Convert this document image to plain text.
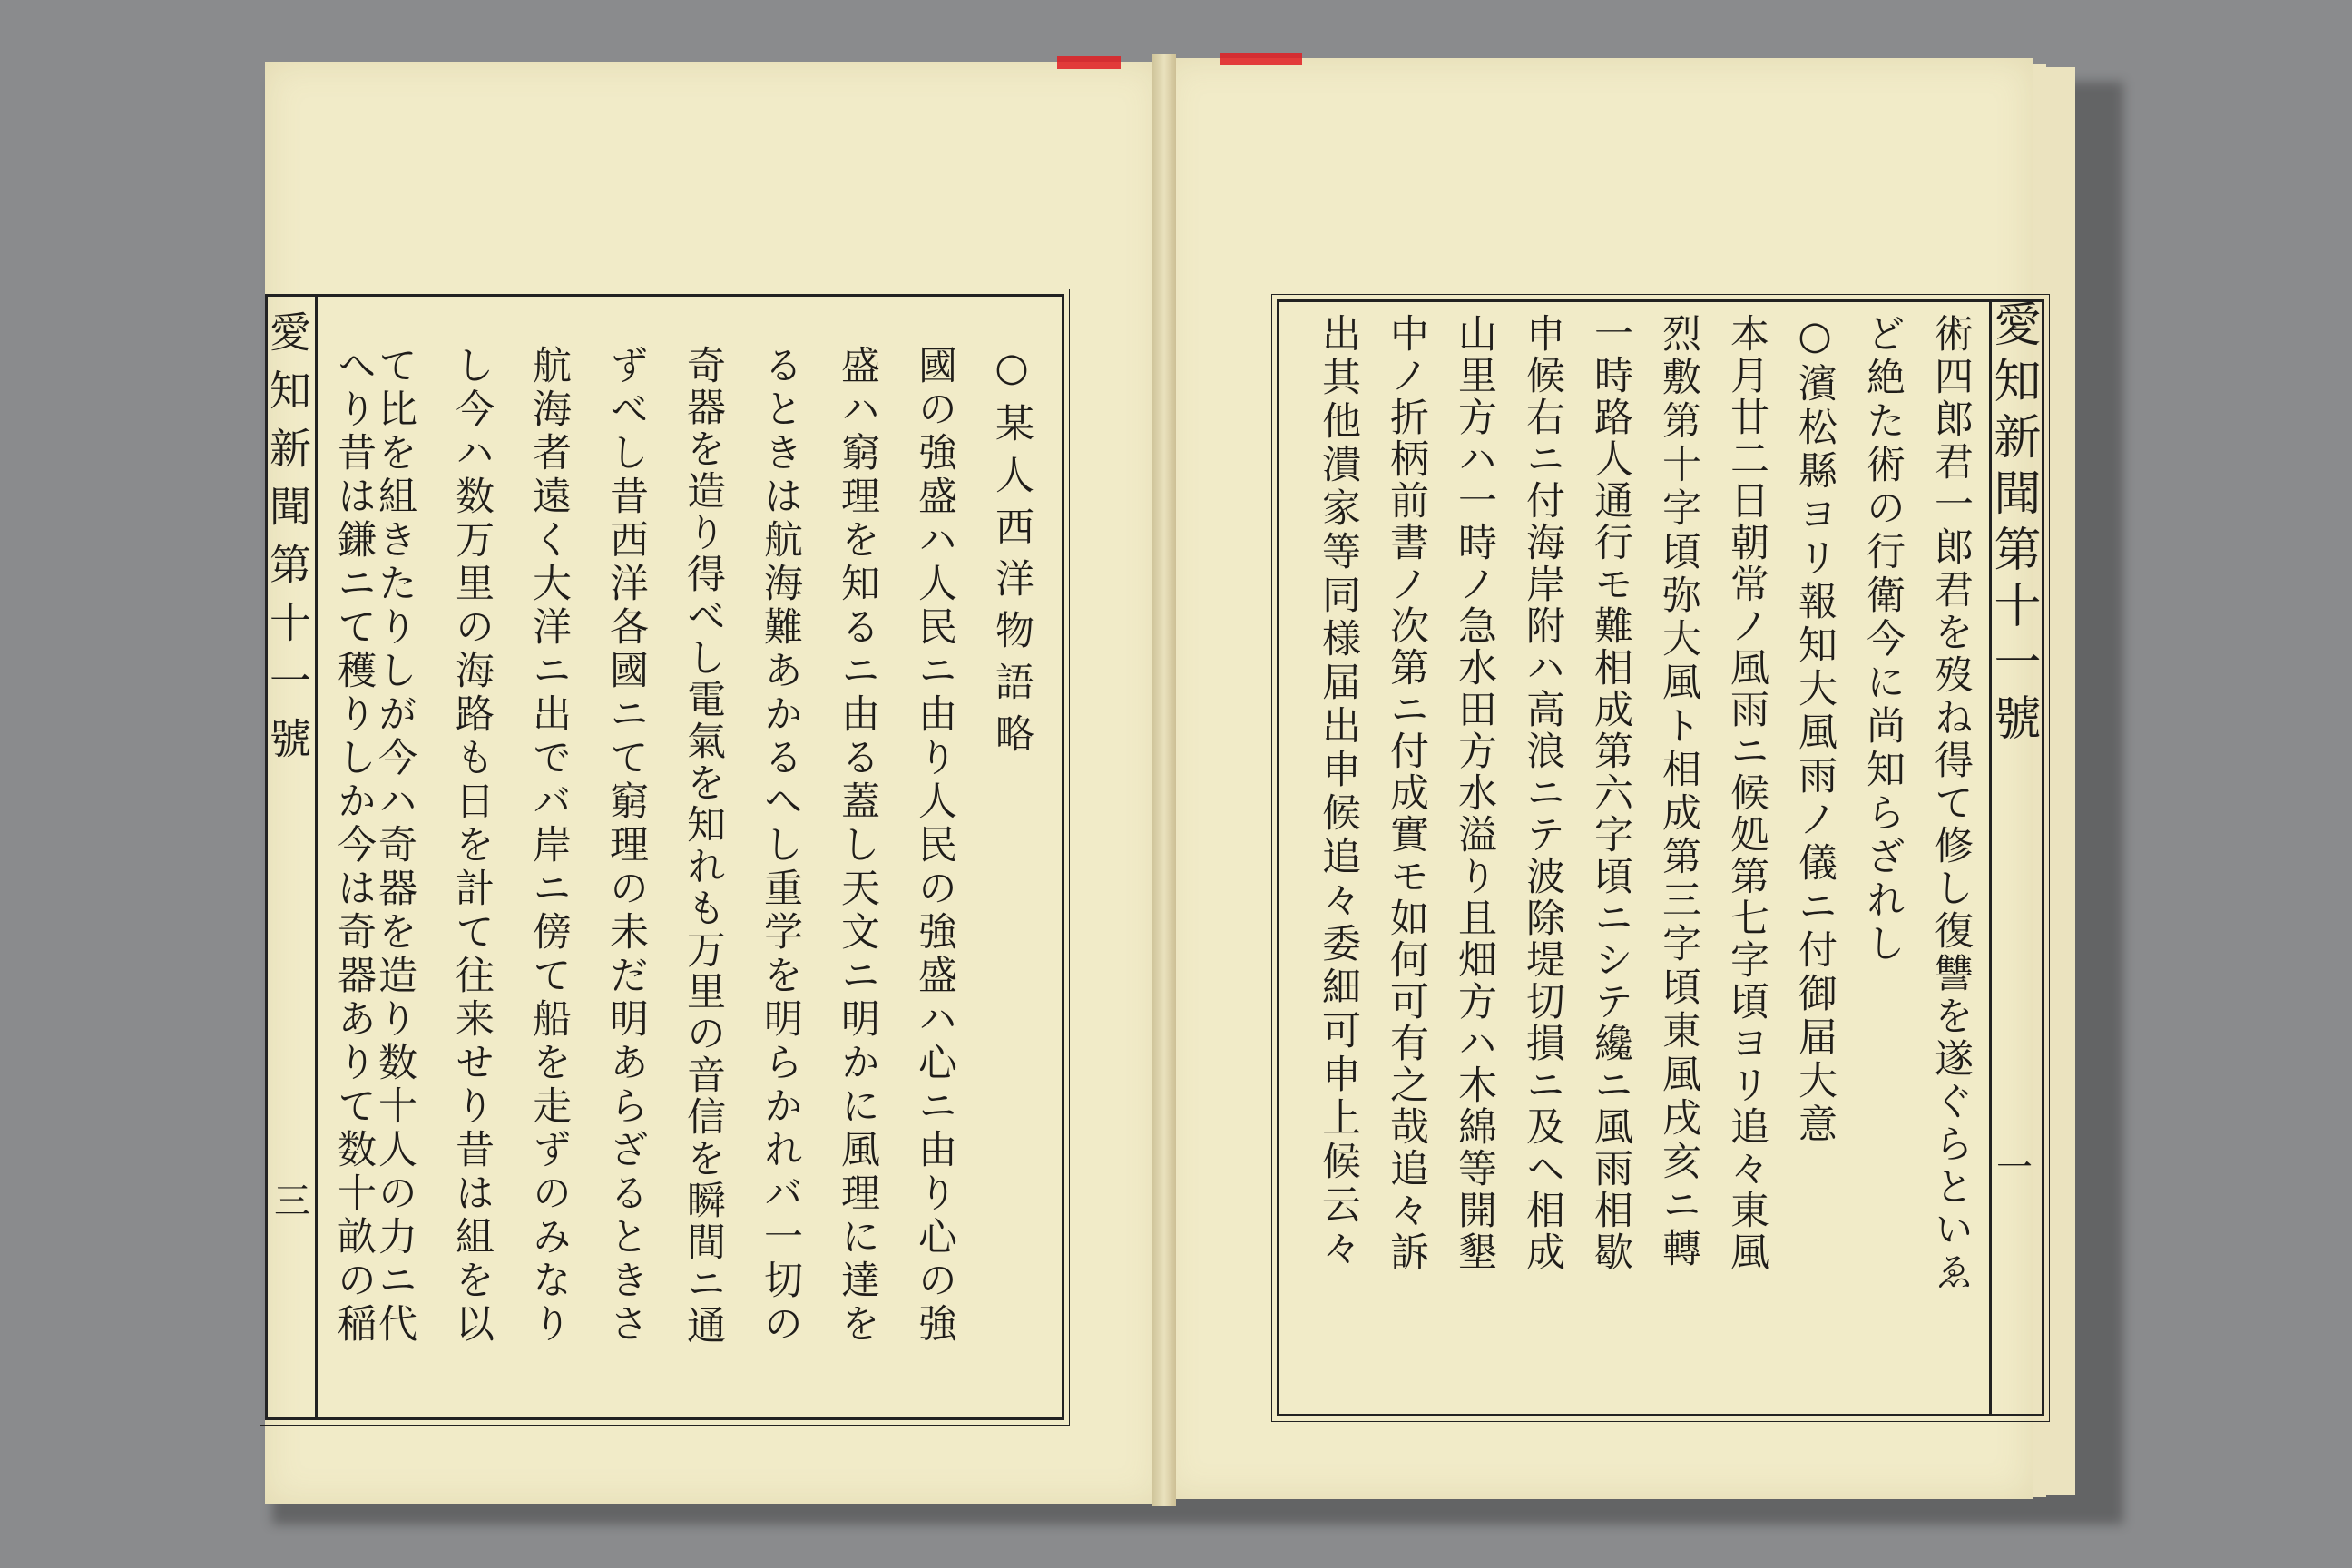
愛知新聞第十一號
三
○某人西洋物語略
國の強盛ハ人民ニ由り人民の強盛ハ心ニ由り心の強
盛ハ窮理を知るニ由る蓋し天文ニ明かに風理に達を
るときは航海難あかるへし重学を明らかれバ一切の
奇器を造り得べし電氣を知れも万里の音信を瞬間ニ通
ずべし昔西洋各國ニて窮理の未だ明あらざるときさ
航海者遠く大洋ニ出でバ岸ニ傍て船を走ずのみなり
し今ハ数万里の海路も日を計て往来せり昔は組を以
て比を組きたりしが今ハ奇器を造り数十人の力ニ代
へり昔は鎌ニて穫りしか今は奇器ありて数十畝の稲	愛知新聞第十一號
一
術四郎君一郎君を歿ね得て修し復讐を遂ぐらといゑ
ど絶た術の行衛今に尚知らざれし
○濱松縣ヨリ報知大風雨ノ儀ニ付御届大意
本月廿二日朝常ノ風雨ニ候処第七字頃ヨリ追々東風
烈敷第十字頃弥大風ト相成第三字頃東風戌亥ニ轉
一時路人通行モ難相成第六字頃ニシテ纔ニ風雨相歇
申候右ニ付海岸附ハ高浪ニテ波除堤切損ニ及ヘ相成
山里方ハ一時ノ急水田方水溢り且畑方ハ木綿等開墾
中ノ折柄前書ノ次第ニ付成實モ如何可有之哉追々訴
出其他潰家等同様届出申候追々委細可申上候云々
